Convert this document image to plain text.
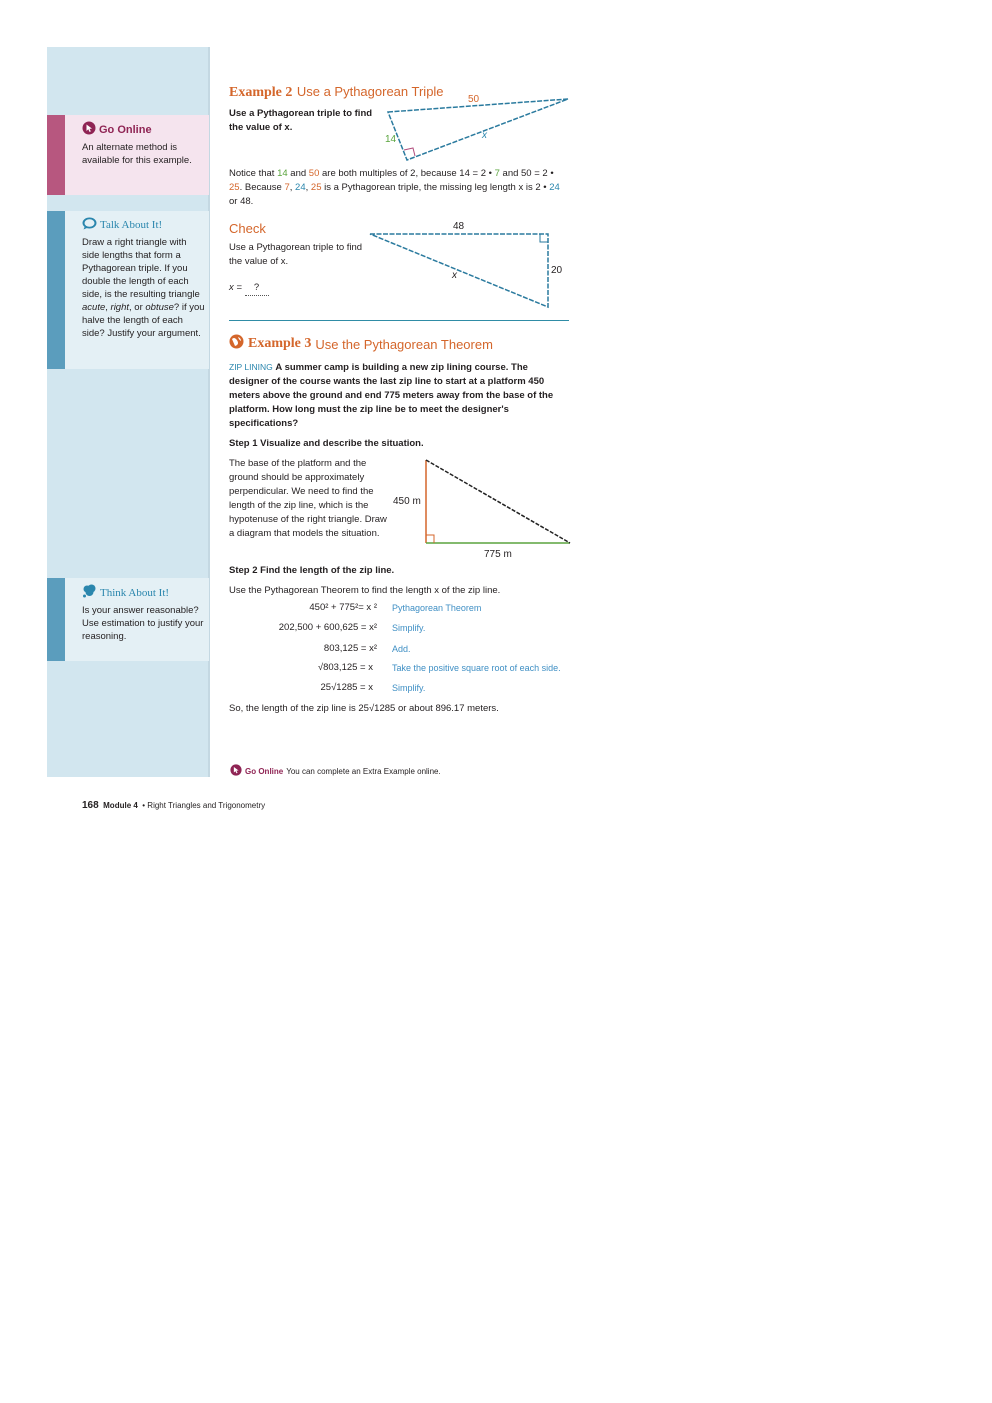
Go Online
An alternate method is available for this example.
Talk About It!
Draw a right triangle with side lengths that form a Pythagorean triple. If you double the length of each side, is the resulting triangle acute, right, or obtuse? if you halve the length of each side? Justify your argument.
Think About It!
Is your answer reasonable? Use estimation to justify your reasoning.
Example 2 Use a Pythagorean Triple
Use a Pythagorean triple to find the value of x.
50
14	x
Notice that 14 and 50 are both multiples of 2, because 14 = 2 • 7 and 50 = 2 • 25. Because 7, 24, 25 is a Pythagorean triple, the missing leg length x is 2 • 24 or 48.
Check
Use a Pythagorean triple to find the value of x.
x = ?
48
20
x
Example 3 Use the Pythagorean Theorem
ZIP LINING A summer camp is building a new zip lining course. The designer of the course wants the last zip line to start at a platform 450 meters above the ground and end 775 meters away from the base of the platform. How long must the zip line be to meet the designer's specifications?
Step 1 Visualize and describe the situation.
The base of the platform and the ground should be approximately perpendicular. We need to find the length of the zip line, which is the hypotenuse of the right triangle. Draw a diagram that models the situation.
450 m
775 m
Step 2 Find the length of the zip line.
Use the Pythagorean Theorem to find the length x of the zip line.
450² + 775²= x ² Pythagorean Theorem
202,500 + 600,625 = x² Simplify.
803,125 = x² Add.
√803,125 = x Take the positive square root of each side.
25√1285 = x Simplify.
So, the length of the zip line is 25√1285 or about 896.17 meters.
Go Online You can complete an Extra Example online.
168 Module 4 • Right Triangles and Trigonometry
